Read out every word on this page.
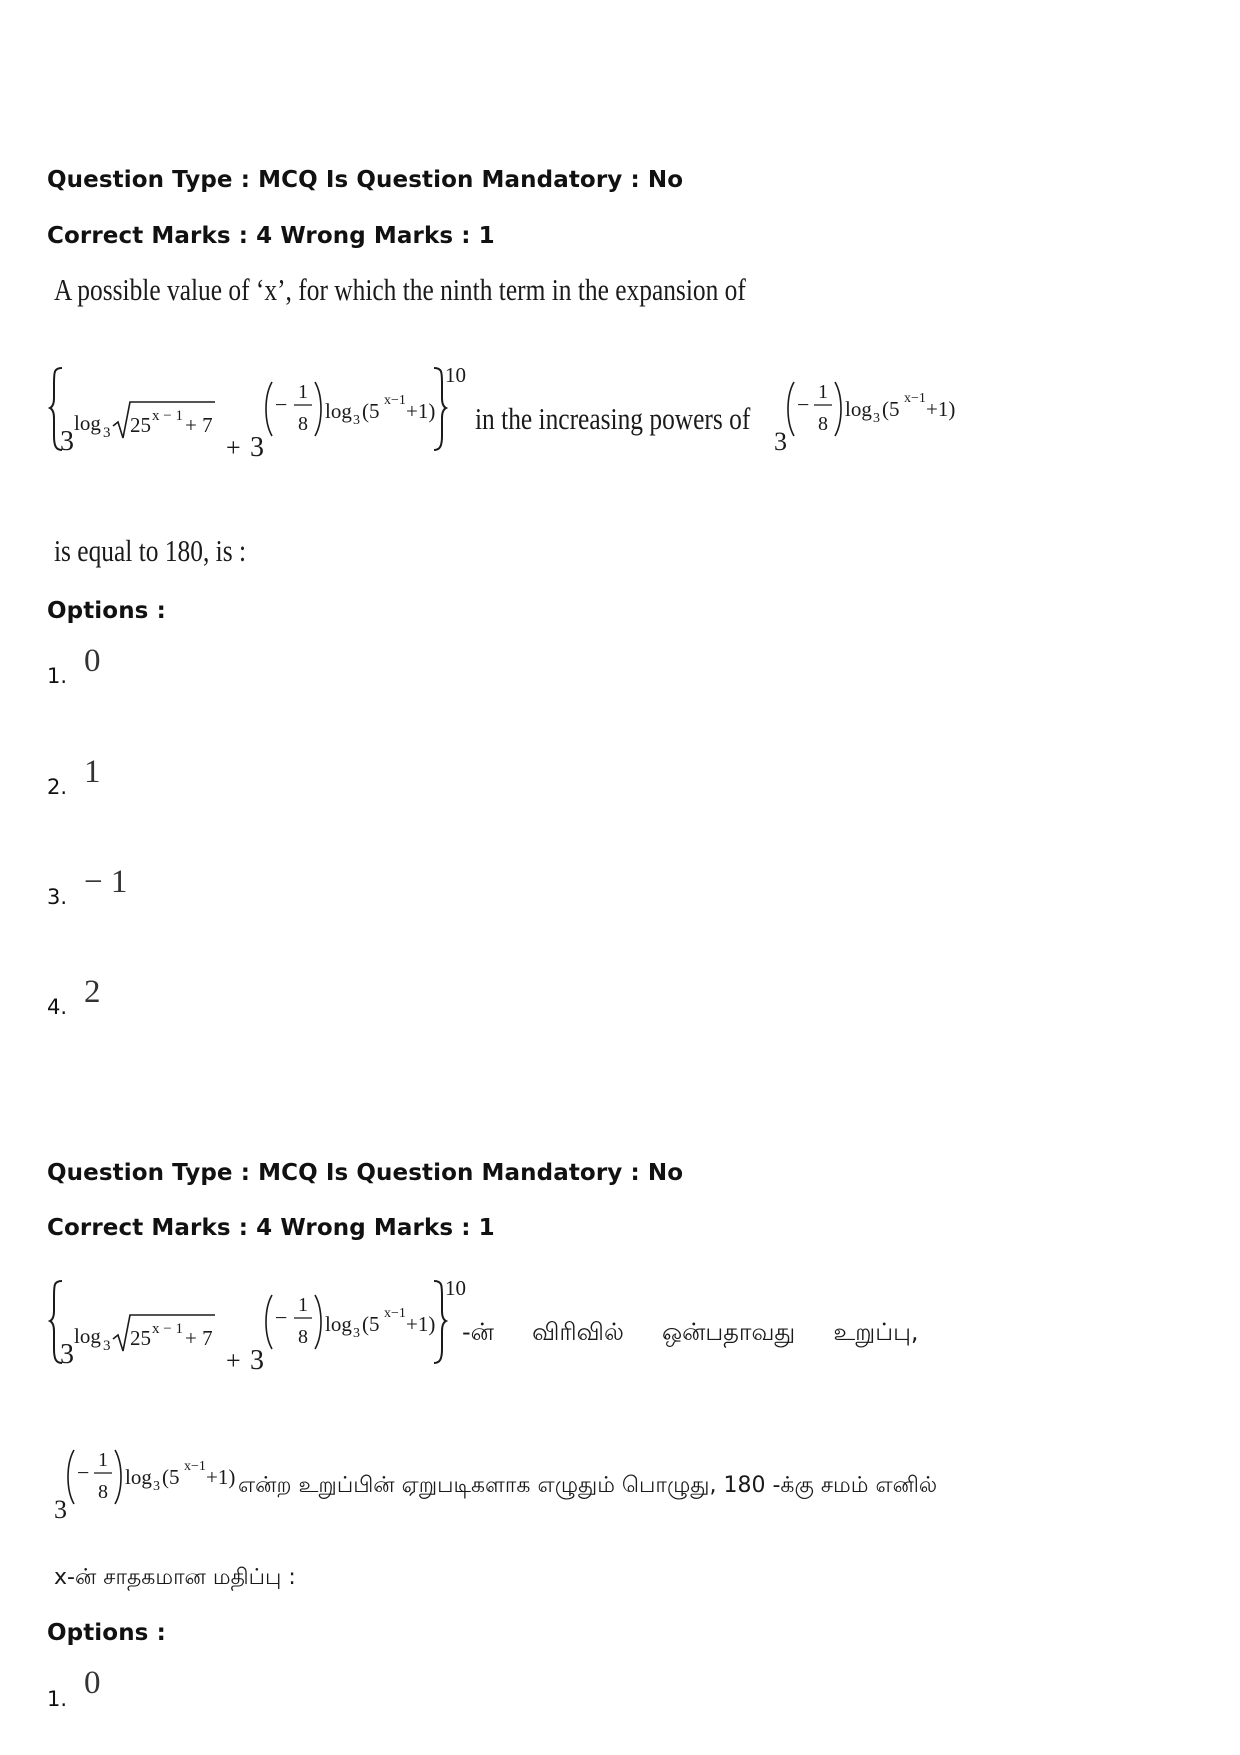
Question Type : MCQ Is Question Mandatory : No
Correct Marks : 4 Wrong Marks : 1
A possible value of ‘x’, for which the ninth term in the expansion of
3
log 3 25 x − 1 + 7
+ 3
− 1
8
log 3 (5 x−1 +1)
10
in the increasing powers of
3
− 1
8
log 3 (5 x−1 +1)
is equal to 180, is :
Options :
1. 0
2. 1
3. − 1
4. 2
Question Type : MCQ Is Question Mandatory : No
Correct Marks : 4 Wrong Marks : 1
3
log 3 25 x − 1 + 7
+ 3
− 1
8
log 3 (5 x−1 +1)
10
-ன்     விரிவில்     ஒன்பதாவது     உறுப்பு,
3
− 1
8
log 3 (5 x−1 +1) என்ற உறுப்பின் ஏறுபடிகளாக எழுதும் பொழுது, 180 -க்கு சமம் எனில்
x-ன் சாதகமான மதிப்பு :
Options :
1. 0
